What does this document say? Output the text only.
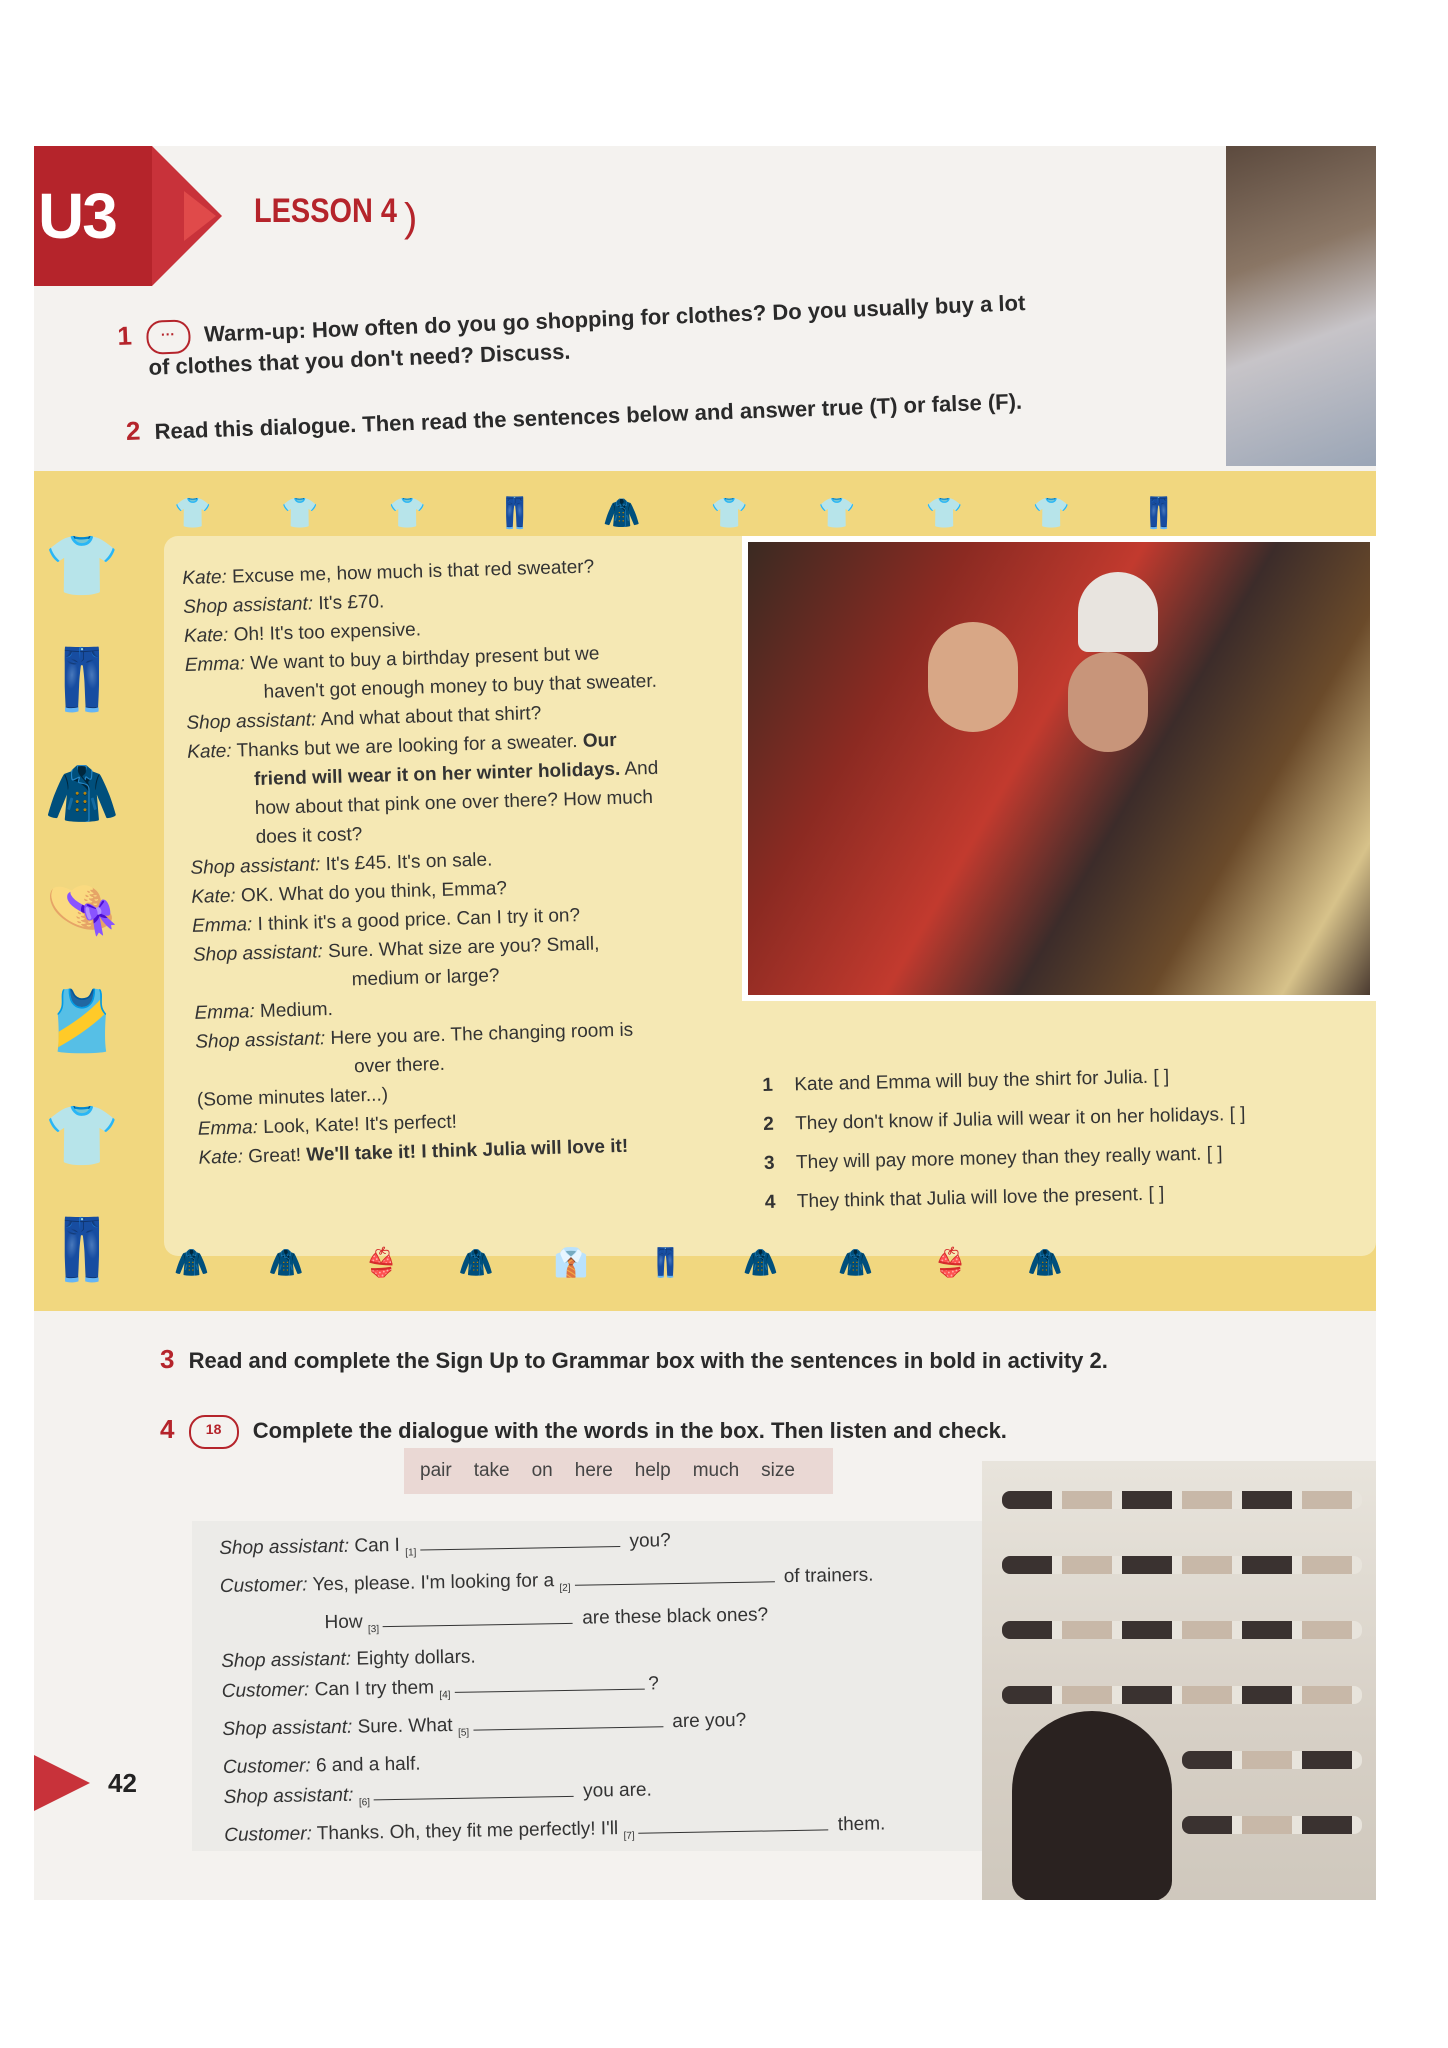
U3	LESSON 4 )
1 ··· Warm-up: How often do you go shopping for clothes? Do you usually buy a lot
of clothes that you don't need? Discuss.
2 Read this dialogue. Then read the sentences below and answer true (T) or false (F).
👕👕👕👖🧥👕👕👕👕👖
👕
👖
🧥
👒
🎽
👕
👖
Kate: Excuse me, how much is that red sweater?
Shop assistant: It's £70.
Kate: Oh! It's too expensive.
Emma: We want to buy a birthday present but we
haven't got enough money to buy that sweater.
Shop assistant: And what about that shirt?
Kate: Thanks but we are looking for a sweater. Our
friend will wear it on her winter holidays. And
how about that pink one over there? How much
does it cost?
Shop assistant: It's £45. It's on sale.
Kate: OK. What do you think, Emma?
Emma: I think it's a good price. Can I try it on?
Shop assistant: Sure. What size are you? Small,
medium or large?
Emma: Medium.
Shop assistant: Here you are. The changing room is
over there.
(Some minutes later...)
Emma: Look, Kate! It's perfect!
Kate: Great! We'll take it! I think Julia will love it!
1 Kate and Emma will buy the shirt for Julia. [ ]
2 They don't know if Julia will wear it on her holidays. [ ]
3 They will pay more money than they really want. [ ]
4 They think that Julia will love the present. [ ]
🧥🧥👙🧥👔👖🧥🧥👙🧥
3 Read and complete the Sign Up to Grammar box with the sentences in bold in activity 2.
4 18 Complete the dialogue with the words in the box. Then listen and check.
pair take on here help much size
Shop assistant: Can I $_{[1]}$ you?
Customer: Yes, please. I'm looking for a $_{[2]}$ of trainers.
How $_{[3]}$ are these black ones?
Shop assistant: Eighty dollars.
Customer: Can I try them $_{[4]}$?
Shop assistant: Sure. What $_{[5]}$ are you?
Customer: 6 and a half.
Shop assistant: $_{[6]}$ you are.
Customer: Thanks. Oh, they fit me perfectly! I'll $_{[7]}$ them.
42
